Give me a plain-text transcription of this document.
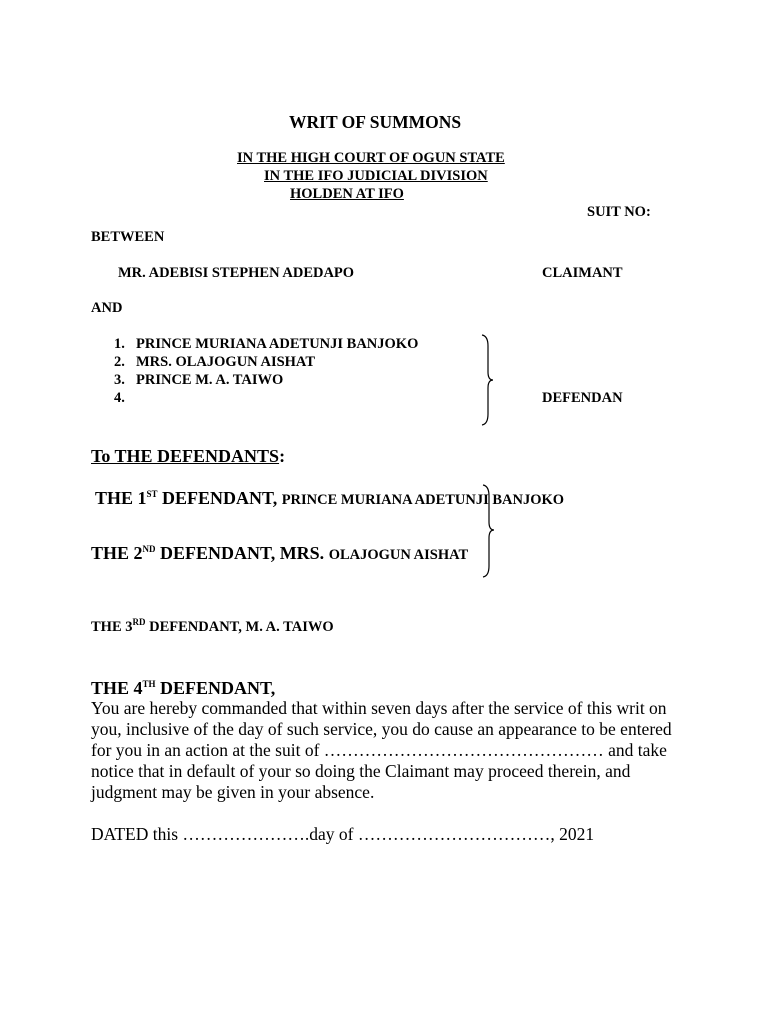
WRIT OF SUMMONS
IN THE HIGH COURT OF OGUN STATE
IN THE IFO JUDICIAL DIVISION
HOLDEN AT IFO
SUIT NO:
BETWEEN
MR. ADEBISI STEPHEN ADEDAPO	CLAIMANT
AND
1. PRINCE MURIANA ADETUNJI BANJOKO
2. MRS. OLAJOGUN AISHAT
3. PRINCE M. A. TAIWO
4.	DEFENDAN
To THE DEFENDANTS:
THE 1ST DEFENDANT, PRINCE MURIANA ADETUNJI BANJOKO
THE 2ND DEFENDANT, MRS. OLAJOGUN AISHAT
THE 3RD DEFENDANT, M. A. TAIWO
THE 4TH DEFENDANT,
You are hereby commanded that within seven days after the service of this writ on you, inclusive of the day of such service, you do cause an appearance to be entered for you in an action at the suit of ………………………………………… and take notice that in default of your so doing the Claimant may proceed therein, and judgment may be given in your absence.
DATED this ………………….day of ……………………………, 2021
